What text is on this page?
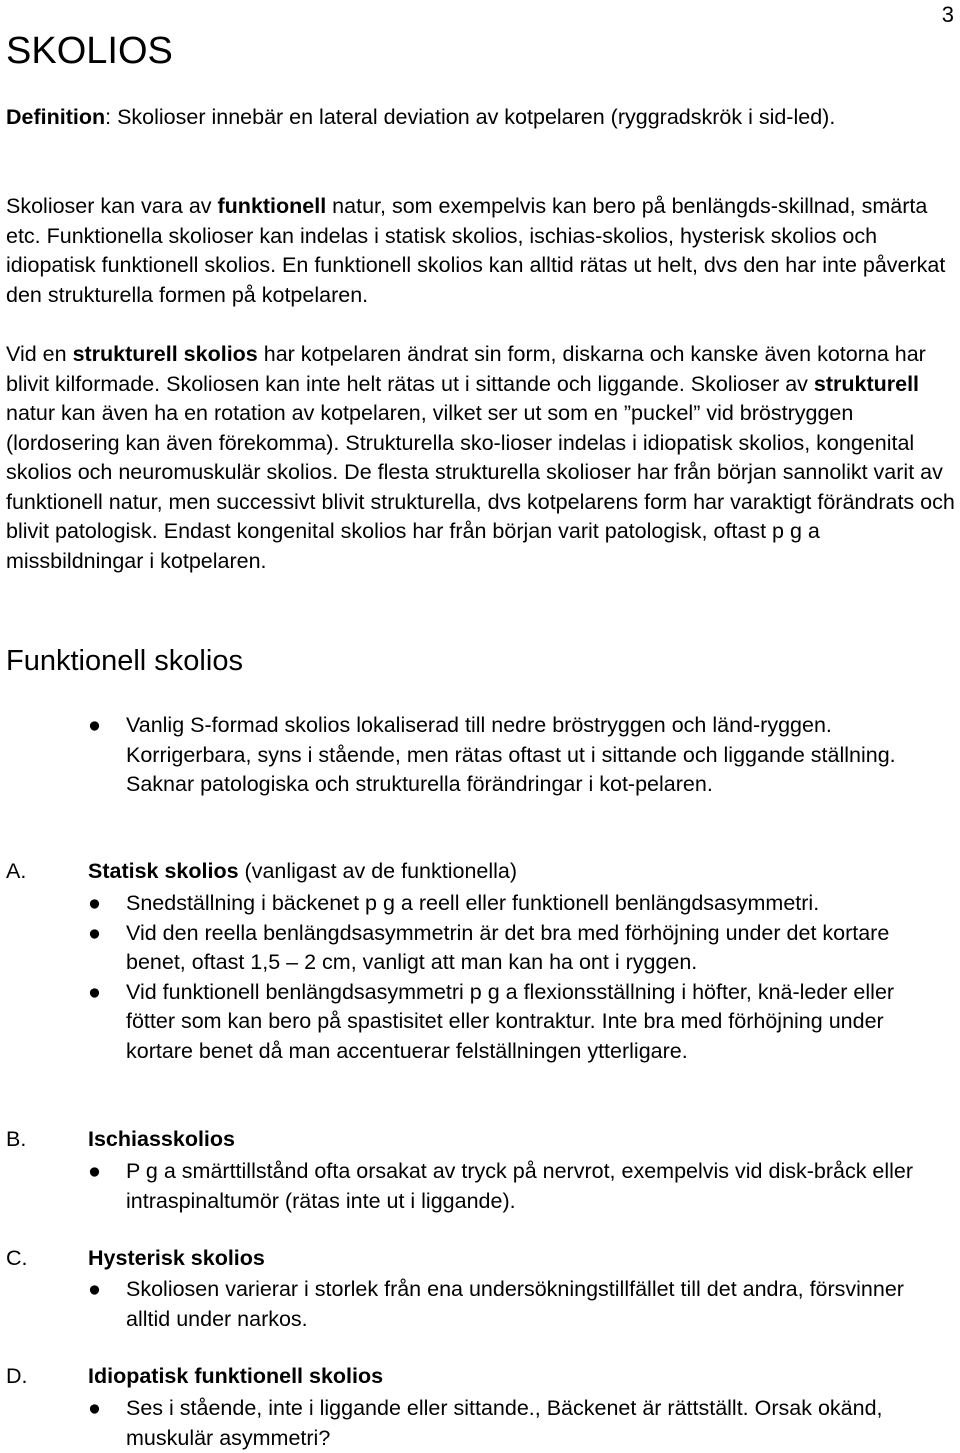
3
SKOLIOS

Definition: Skolioser innebär en lateral deviation av kotpelaren (ryggradskrök i sid-led).

Skolioser kan vara av funktionell natur, som exempelvis kan bero på benlängds-skillnad, smärta etc. Funktionella skolioser kan indelas i statisk skolios, ischias-skolios, hysterisk skolios och idiopatisk funktionell skolios. En funktionell skolios kan alltid rätas ut helt, dvs den har inte påverkat den strukturella formen på kotpelaren.

Vid en strukturell skolios har kotpelaren ändrat sin form, diskarna och kanske även kotorna har blivit kilformade. Skoliosen kan inte helt rätas ut i sittande och liggande. Skolioser av strukturell natur kan även ha en rotation av kotpelaren, vilket ser ut som en ”puckel” vid bröstryggen (lordosering kan även förekomma). Strukturella sko-lioser indelas i idiopatisk skolios, kongenital skolios och neuromuskulär skolios. De flesta strukturella skolioser har från början sannolikt varit av funktionell natur, men successivt blivit strukturella, dvs kotpelarens form har varaktigt förändrats och blivit patologisk. Endast kongenital skolios har från början varit patologisk, oftast p g a missbildningar i kotpelaren.

Funktionell skolios
● Vanlig S-formad skolios lokaliserad till nedre bröstryggen och länd-ryggen. Korrigerbara, syns i stående, men rätas oftast ut i sittande och liggande ställning. Saknar patologiska och strukturella förändringar i kot-pelaren.
A.	Statisk skolios (vanligast av de funktionella)
● Snedställning i bäckenet p g a reell eller funktionell benlängdsasymmetri.
● Vid den reella benlängdsasymmetrin är det bra med förhöjning under det kortare benet, oftast 1,5 – 2 cm, vanligt att man kan ha ont i ryggen.
● Vid funktionell benlängdsasymmetri p g a flexionsställning i höfter, knä-leder eller fötter som kan bero på spastisitet eller kontraktur. Inte bra med förhöjning under kortare benet då man accentuerar felställningen ytterligare.
B.	Ischiasskolios
● P g a smärttillstånd ofta orsakat av tryck på nervrot, exempelvis vid disk-bråck eller intraspinaltumör (rätas inte ut i liggande).
C.	Hysterisk skolios
● Skoliosen varierar i storlek från ena undersökningstillfället till det andra, försvinner alltid under narkos.
D.	Idiopatisk funktionell skolios
● Ses i stående, inte i liggande eller sittande., Bäckenet är rättställt. Orsak okänd, muskulär asymmetri?
